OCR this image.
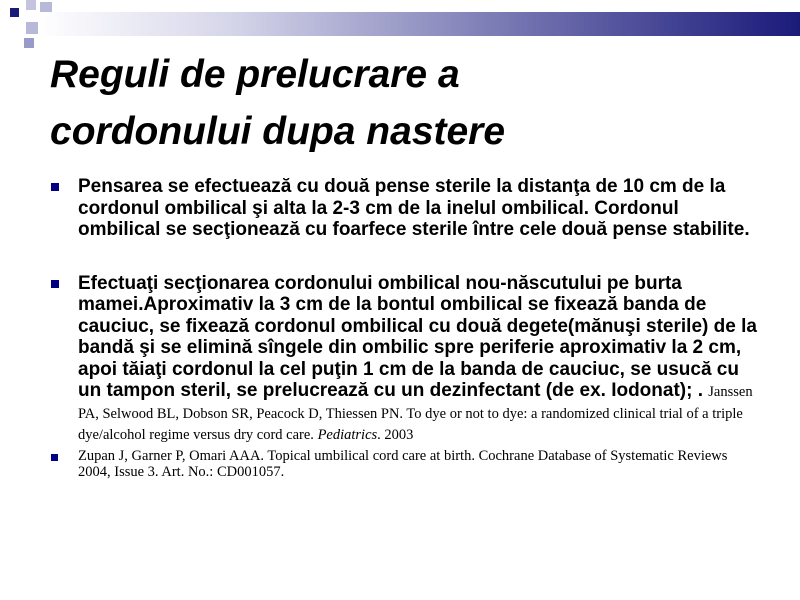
Reguli de prelucrare a
cordonului dupa nastere
Pensarea se efectuează cu două pense sterile la distanţa de 10 cm de la cordonul ombilical şi alta la 2-3 cm de la inelul ombilical. Cordonul ombilical se secţionează cu foarfece sterile între cele două pense stabilite.
Efectuaţi secţionarea cordonului ombilical nou-născutului pe burta mamei.Aproximativ la 3 cm de la bontul ombilical se fixează banda de cauciuc, se fixează cordonul ombilical cu două degete(mănuşi sterile) de la bandă şi se elimină sîngele din ombilic spre periferie aproximativ la 2 cm, apoi tăiaţi cordonul la cel puţin 1 cm de la banda de cauciuc, se usucă cu un tampon steril, se prelucrează cu un dezinfectant (de ex. Iodonat); . Janssen PA, Selwood BL, Dobson SR, Peacock D, Thiessen PN. To dye or not to dye: a randomized clinical trial of a triple dye/alcohol regime versus dry cord care. Pediatrics. 2003
Zupan J, Garner P, Omari AAA. Topical umbilical cord care at birth. Cochrane Database of Systematic Reviews 2004, Issue 3. Art. No.: CD001057.
